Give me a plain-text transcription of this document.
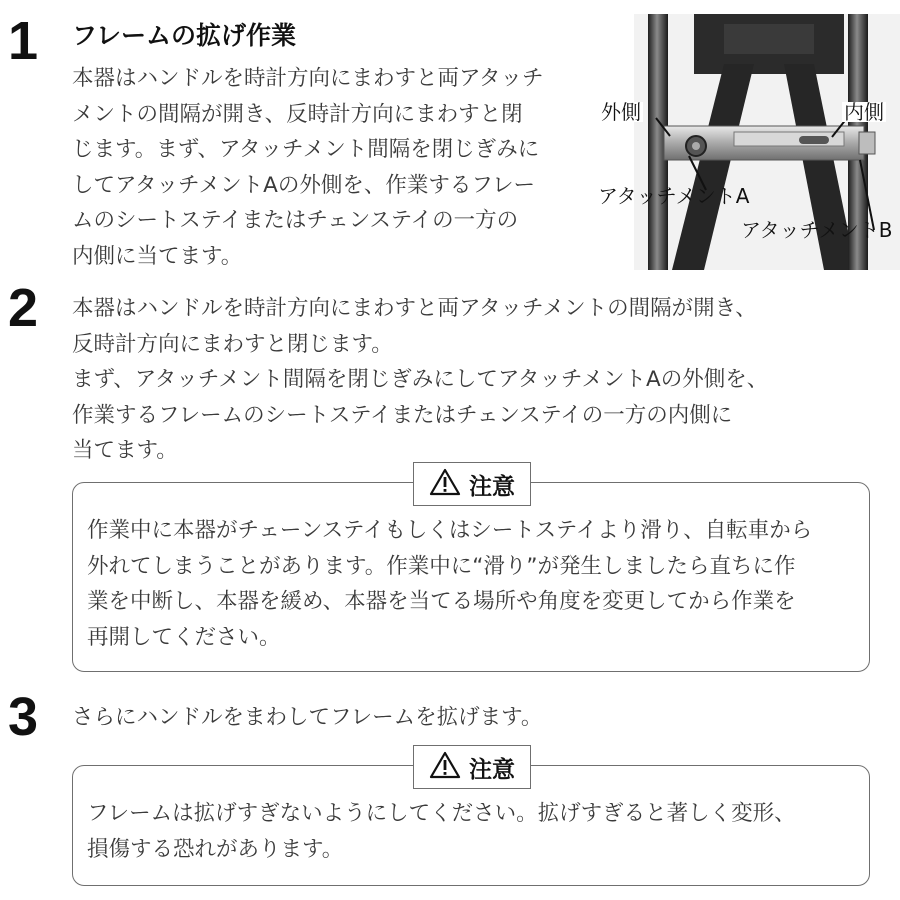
1 フレームの拡げ作業
本器はハンドルを時計方向にまわすと両アタッチ
メントの間隔が開き、反時計方向にまわすと閉
じます。まず、アタッチメント間隔を閉じぎみに
してアタッチメントAの外側を、作業するフレー
ムのシートステイまたはチェンステイの一方の
内側に当てます。
外側	内側
アタッチメントA
アタッチメントB
2 本器はハンドルを時計方向にまわすと両アタッチメントの間隔が開き、
反時計方向にまわすと閉じます。
まず、アタッチメント間隔を閉じぎみにしてアタッチメントAの外側を、
作業するフレームのシートステイまたはチェンステイの一方の内側に
当てます。
作業中に本器がチェーンステイもしくはシートステイより滑り、自転車から
外れてしまうことがあります。作業中に“滑り”が発生しましたら直ちに作
業を中断し、本器を緩め、本器を当てる場所や角度を変更してから作業を
再開してください。
注意
3 さらにハンドルをまわしてフレームを拡げます。
フレームは拡げすぎないようにしてください。拡げすぎると著しく変形、
損傷する恐れがあります。
注意
